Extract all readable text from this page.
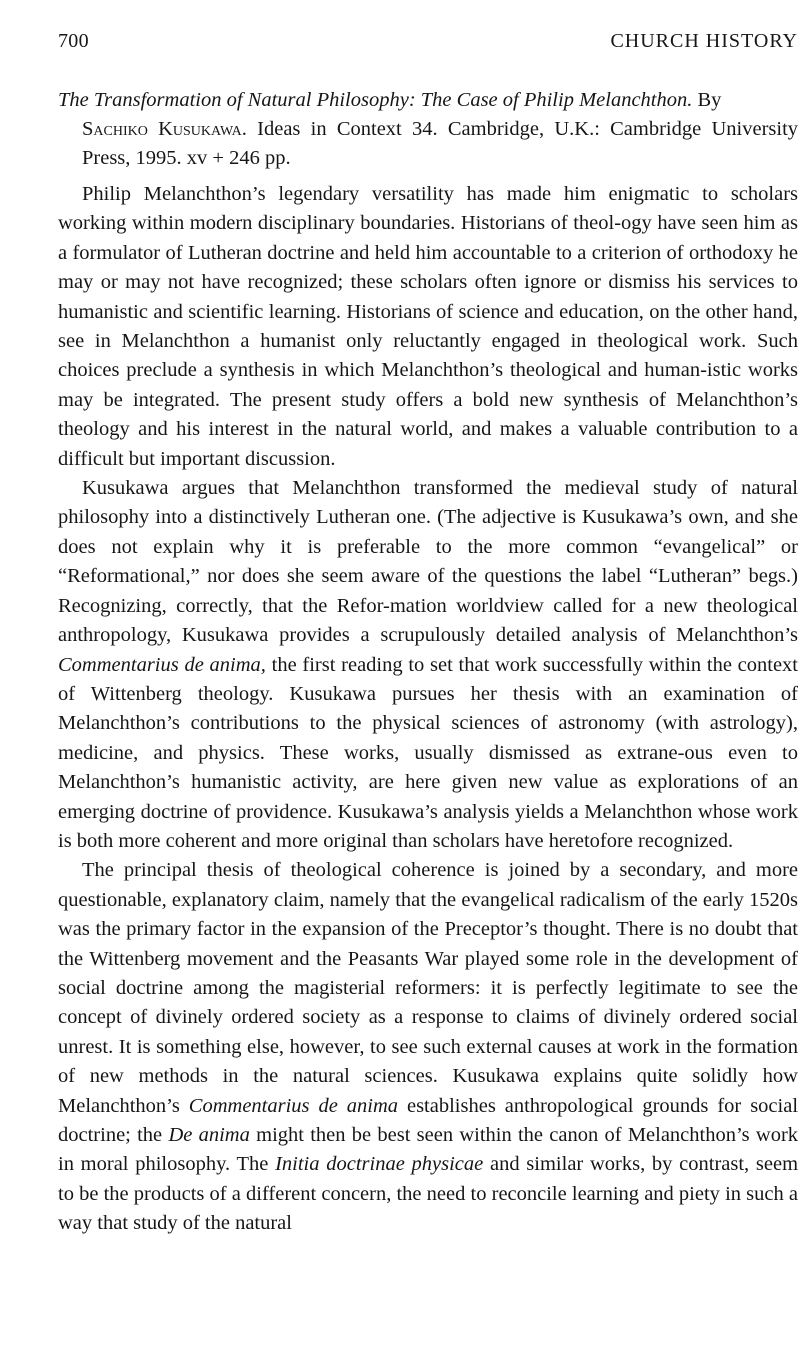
700	CHURCH HISTORY
The Transformation of Natural Philosophy: The Case of Philip Melanchthon. By
Sachiko Kusukawa. Ideas in Context 34. Cambridge, U.K.: Cambridge University Press, 1995. xv + 246 pp.

Philip Melanchthon’s legendary versatility has made him enigmatic to scholars working within modern disciplinary boundaries. Historians of theol-ogy have seen him as a formulator of Lutheran doctrine and held him accountable to a criterion of orthodoxy he may or may not have recognized; these scholars often ignore or dismiss his services to humanistic and scientific learning. Historians of science and education, on the other hand, see in Melanchthon a humanist only reluctantly engaged in theological work. Such choices preclude a synthesis in which Melanchthon’s theological and human-istic works may be integrated. The present study offers a bold new synthesis of Melanchthon’s theology and his interest in the natural world, and makes a valuable contribution to a difficult but important discussion.

Kusukawa argues that Melanchthon transformed the medieval study of natural philosophy into a distinctively Lutheran one. (The adjective is Kusukawa’s own, and she does not explain why it is preferable to the more common “evangelical” or “Reformational,” nor does she seem aware of the questions the label “Lutheran” begs.) Recognizing, correctly, that the Refor-mation worldview called for a new theological anthropology, Kusukawa provides a scrupulously detailed analysis of Melanchthon’s Commentarius de anima, the first reading to set that work successfully within the context of Wittenberg theology. Kusukawa pursues her thesis with an examination of Melanchthon’s contributions to the physical sciences of astronomy (with astrology), medicine, and physics. These works, usually dismissed as extrane-ous even to Melanchthon’s humanistic activity, are here given new value as explorations of an emerging doctrine of providence. Kusukawa’s analysis yields a Melanchthon whose work is both more coherent and more original than scholars have heretofore recognized.

The principal thesis of theological coherence is joined by a secondary, and more questionable, explanatory claim, namely that the evangelical radicalism of the early 1520s was the primary factor in the expansion of the Preceptor’s thought. There is no doubt that the Wittenberg movement and the Peasants War played some role in the development of social doctrine among the magisterial reformers: it is perfectly legitimate to see the concept of divinely ordered society as a response to claims of divinely ordered social unrest. It is something else, however, to see such external causes at work in the formation of new methods in the natural sciences. Kusukawa explains quite solidly how Melanchthon’s Commentarius de anima establishes anthropological grounds for social doctrine; the De anima might then be best seen within the canon of Melanchthon’s work in moral philosophy. The Initia doctrinae physicae and similar works, by contrast, seem to be the products of a different concern, the need to reconcile learning and piety in such a way that study of the natural
